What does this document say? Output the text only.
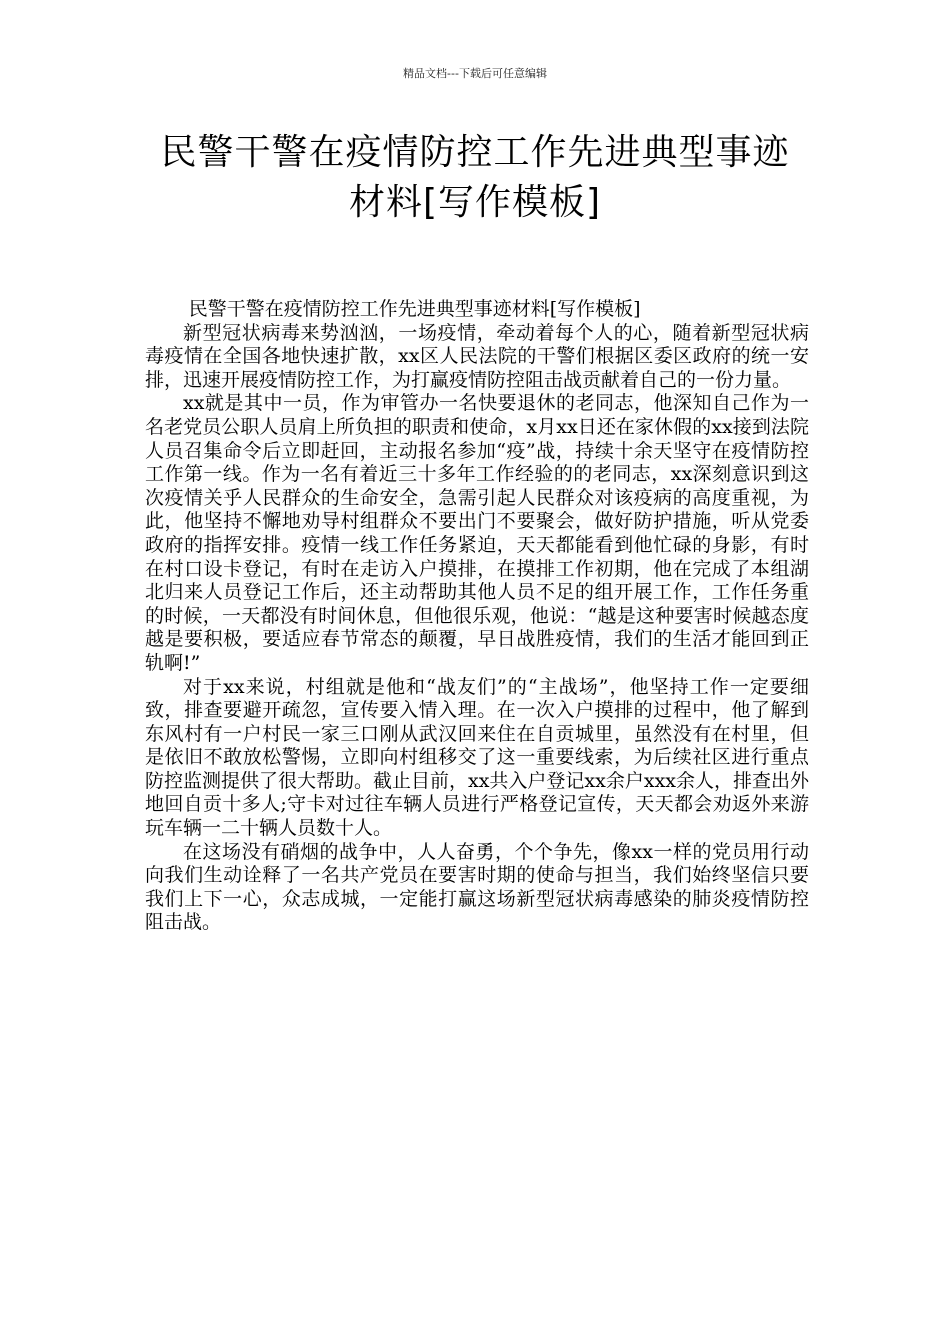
精品文档---下载后可任意编辑
民警干警在疫情防控工作先进典型事迹
材料[写作模板]

民警干警在疫情防控工作先进典型事迹材料[写作模板]

新型冠状病毒来势汹汹，一场疫情，牵动着每个人的心，随着新型冠状病毒疫情在全国各地快速扩散，xx区人民法院的干警们根据区委区政府的统一安排，迅速开展疫情防控工作，为打赢疫情防控阻击战贡献着自己的一份力量。

xx就是其中一员，作为审管办一名快要退休的老同志，他深知自己作为一名老党员公职人员肩上所负担的职责和使命，x月xx日还在家休假的xx接到法院人员召集命令后立即赶回，主动报名参加“疫”战，持续十余天坚守在疫情防控工作第一线。作为一名有着近三十多年工作经验的的老同志，xx深刻意识到这次疫情关乎人民群众的生命安全，急需引起人民群众对该疫病的高度重视，为此，他坚持不懈地劝导村组群众不要出门不要聚会，做好防护措施，听从党委政府的指挥安排。疫情一线工作任务紧迫，天天都能看到他忙碌的身影，有时在村口设卡登记，有时在走访入户摸排，在摸排工作初期，他在完成了本组湖北归来人员登记工作后，还主动帮助其他人员不足的组开展工作，工作任务重的时候，一天都没有时间休息，但他很乐观，他说：“越是这种要害时候越态度越是要积极，要适应春节常态的颠覆，早日战胜疫情，我们的生活才能回到正轨啊!”

对于xx来说，村组就是他和“战友们”的“主战场”，他坚持工作一定要细致，排查要避开疏忽，宣传要入情入理。在一次入户摸排的过程中，他了解到东风村有一户村民一家三口刚从武汉回来住在自贡城里，虽然没有在村里，但是依旧不敢放松警惕，立即向村组移交了这一重要线索，为后续社区进行重点防控监测提供了很大帮助。截止目前，xx共入户登记xx余户xxx余人，排查出外地回自贡十多人;守卡对过往车辆人员进行严格登记宣传，天天都会劝返外来游玩车辆一二十辆人员数十人。

在这场没有硝烟的战争中，人人奋勇，个个争先，像xx一样的党员用行动向我们生动诠释了一名共产党员在要害时期的使命与担当，我们始终坚信只要我们上下一心，众志成城，一定能打赢这场新型冠状病毒感染的肺炎疫情防控阻击战。
